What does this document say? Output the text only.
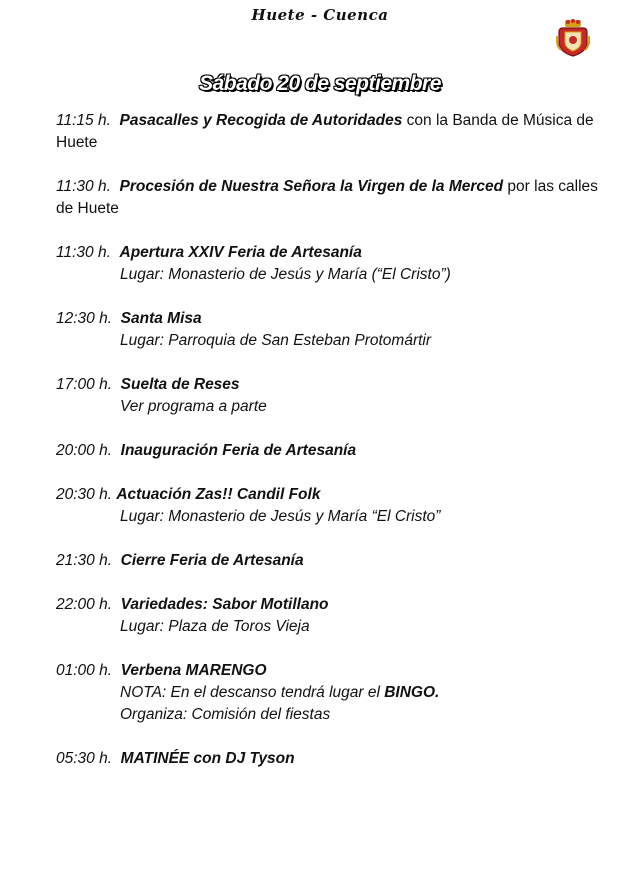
Huete - Cuenca
Sábado 20 de septiembre
11:15 h. Pasacalles y Recogida de Autoridades con la Banda de Música de Huete
11:30 h. Procesión de Nuestra Señora la Virgen de la Merced por las calles de Huete
11:30 h. Apertura XXIV Feria de Artesanía
Lugar: Monasterio de Jesús y María (“El Cristo”)
12:30 h. Santa Misa
Lugar: Parroquia de San Esteban Protomártir
17:00 h. Suelta de Reses
Ver programa a parte
20:00 h. Inauguración Feria de Artesanía
20:30 h. Actuación Zas!! Candil Folk
Lugar: Monasterio de Jesús y María “El Cristo”
21:30 h. Cierre Feria de Artesanía
22:00 h. Variedades: Sabor Motillano
Lugar: Plaza de Toros Vieja
01:00 h. Verbena MARENGO
NOTA: En el descanso tendrá lugar el BINGO.
Organiza: Comisión del fiestas
05:30 h. MATINÉE con DJ Tyson
